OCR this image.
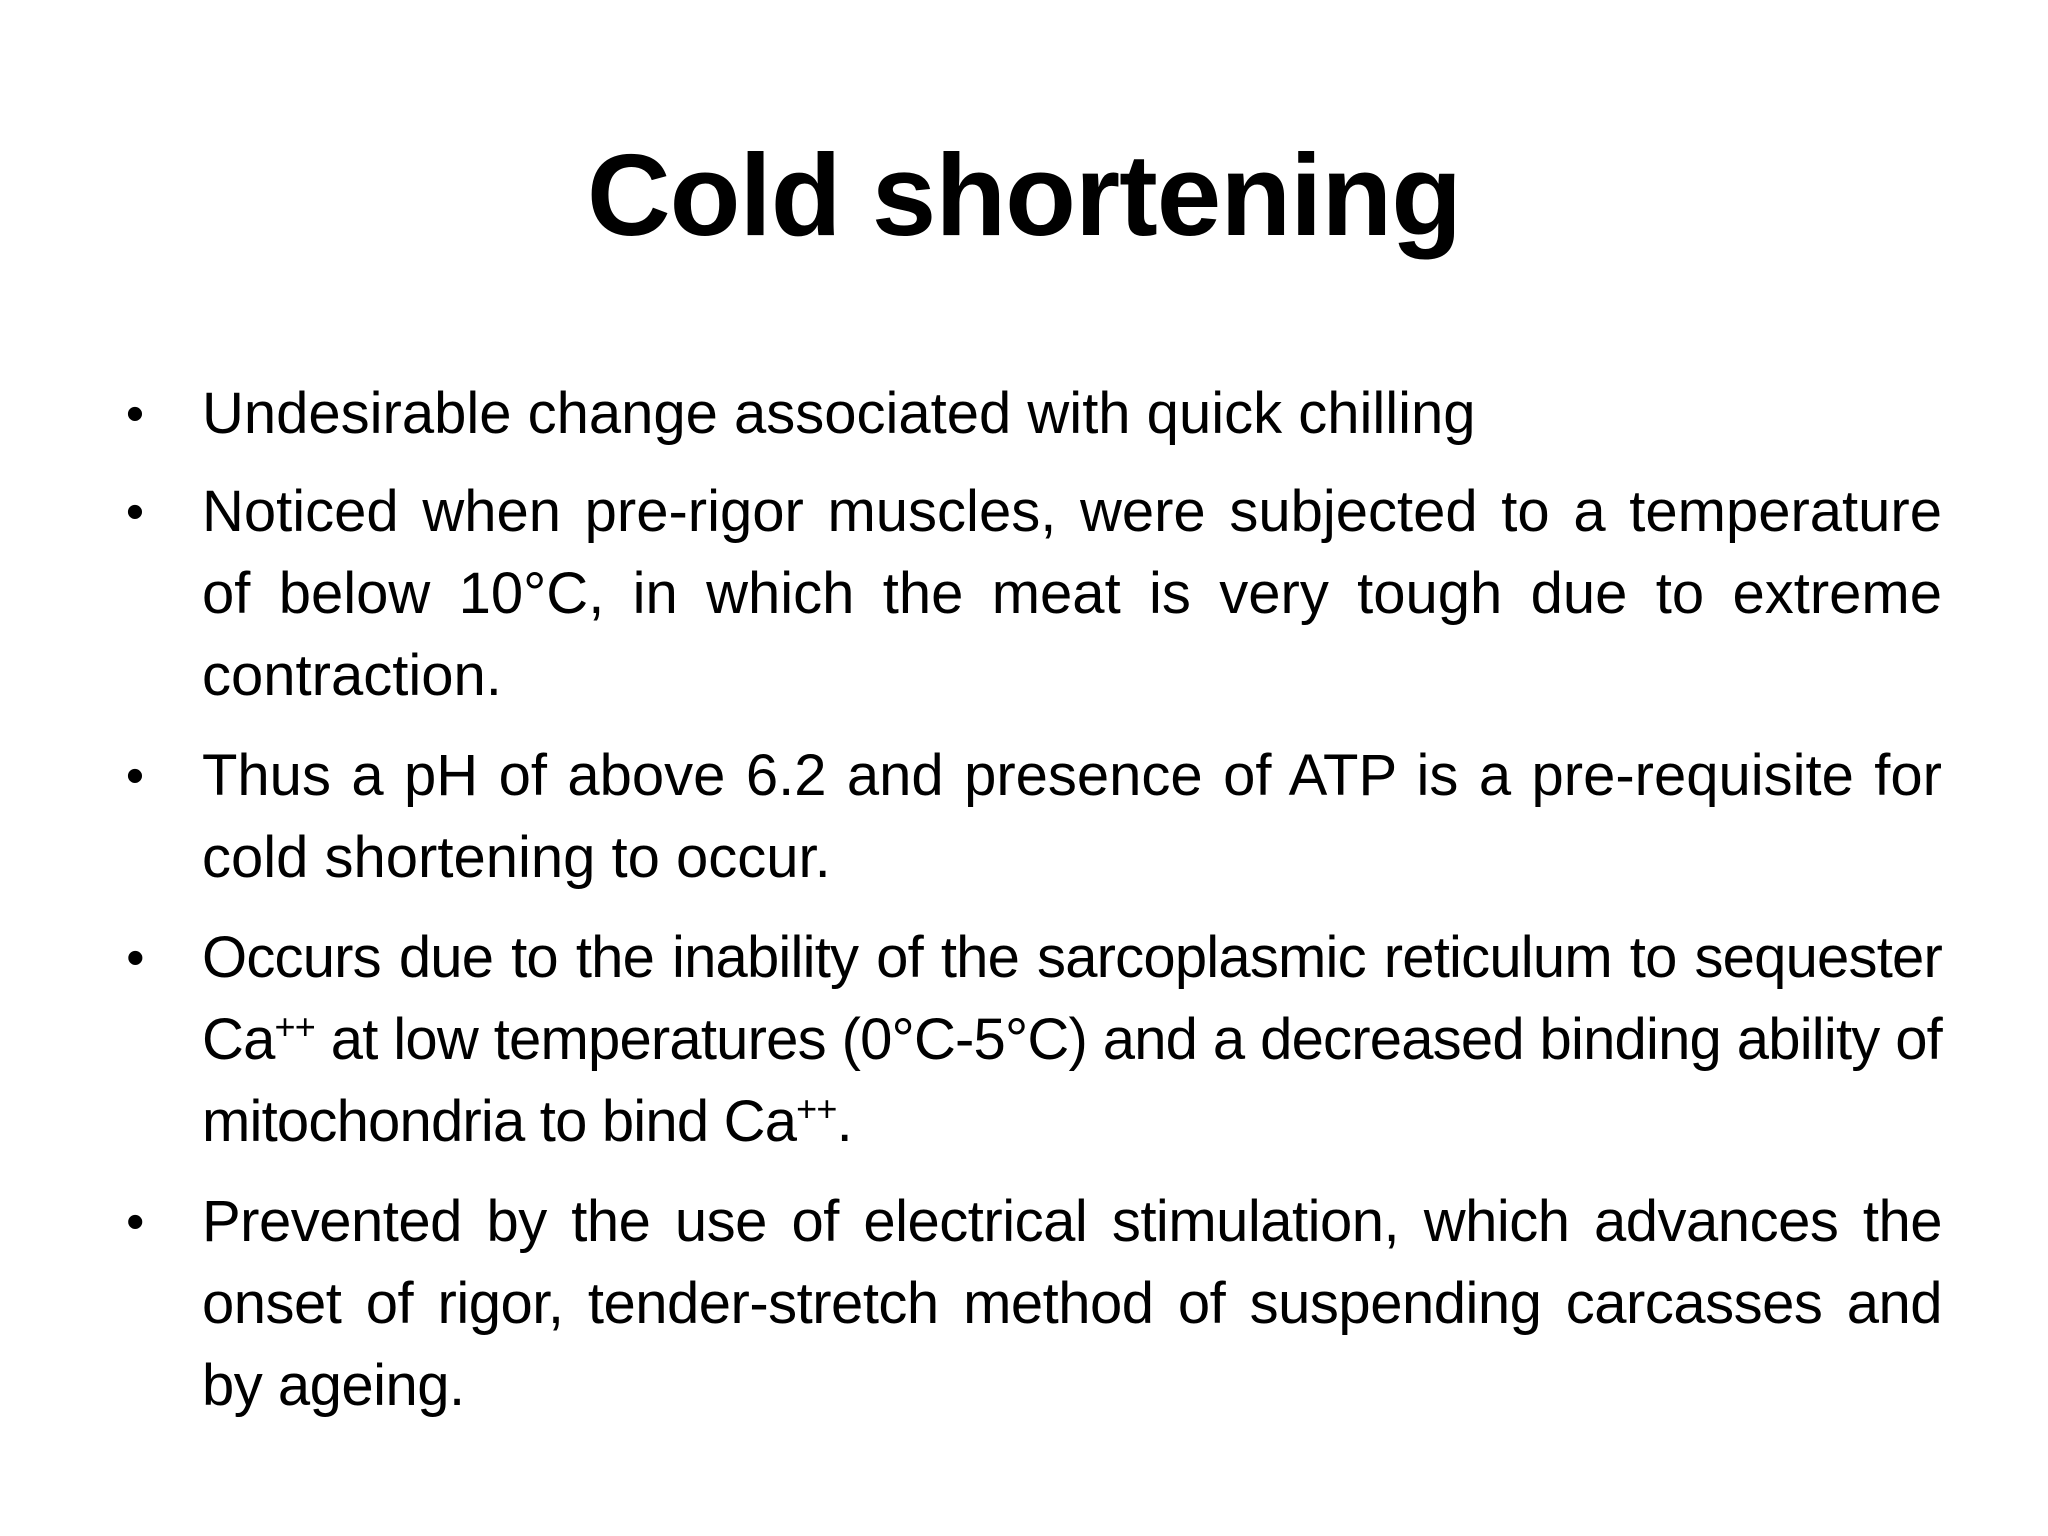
Cold shortening
• Undesirable change associated with quick chilling
• Noticed when pre-rigor muscles, were subjected to a temperature of below 10°C, in which the meat is very tough due to extreme contraction.
• Thus a pH of above 6.2 and presence of ATP is a pre-requisite for cold shortening to occur.
• Occurs due to the inability of the sarcoplasmic reticulum to sequester Ca++ at low temperatures (0°C-5°C) and a decreased binding ability of mitochondria to bind Ca++.
• Prevented by the use of electrical stimulation, which advances the onset of rigor, tender-stretch method of suspending carcasses and by ageing.
